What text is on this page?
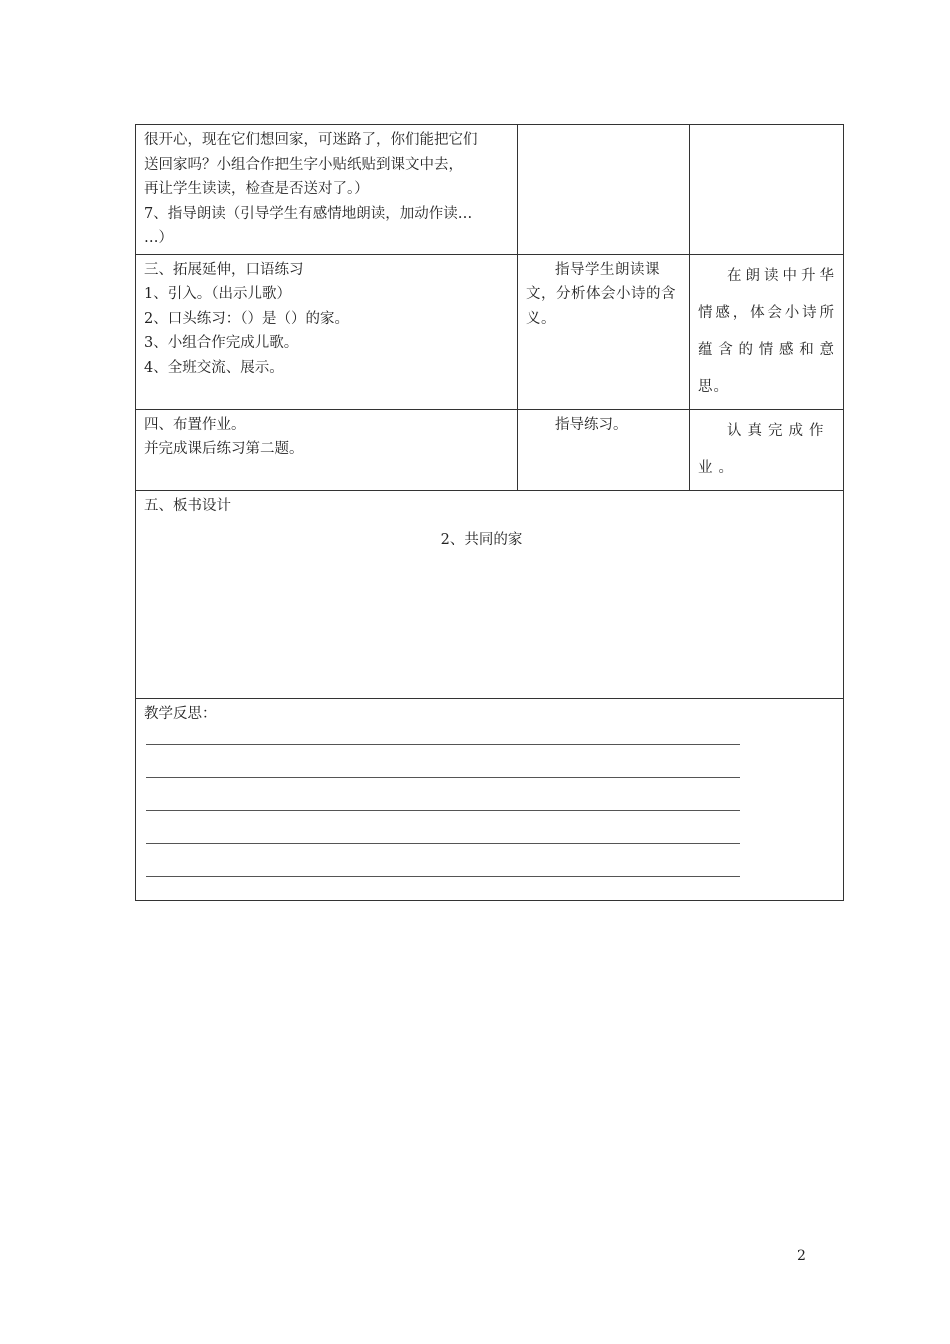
很开心，现在它们想回家，可迷路了，你们能把它们
送回家吗？小组合作把生字小贴纸贴到课文中去，
再让学生读读，检查是否送对了。）
7、指导朗读（引导学生有感情地朗读，加动作读…
…）		

三、拓展延伸，口语练习
1、引入。（出示儿歌）
2、口头练习：（）是（）的家。
3、小组合作完成儿歌。
4、全班交流、展示。	指导学生朗读课文，分析体会小诗的含义。	在朗读中升华情感，体会小诗所蕴含的情感和意思。

四、布置作业。
并完成课后练习第二题。	指导练习。	认真完成作业。

五、板书设计
2、共同的家		

教学反思：		
2
